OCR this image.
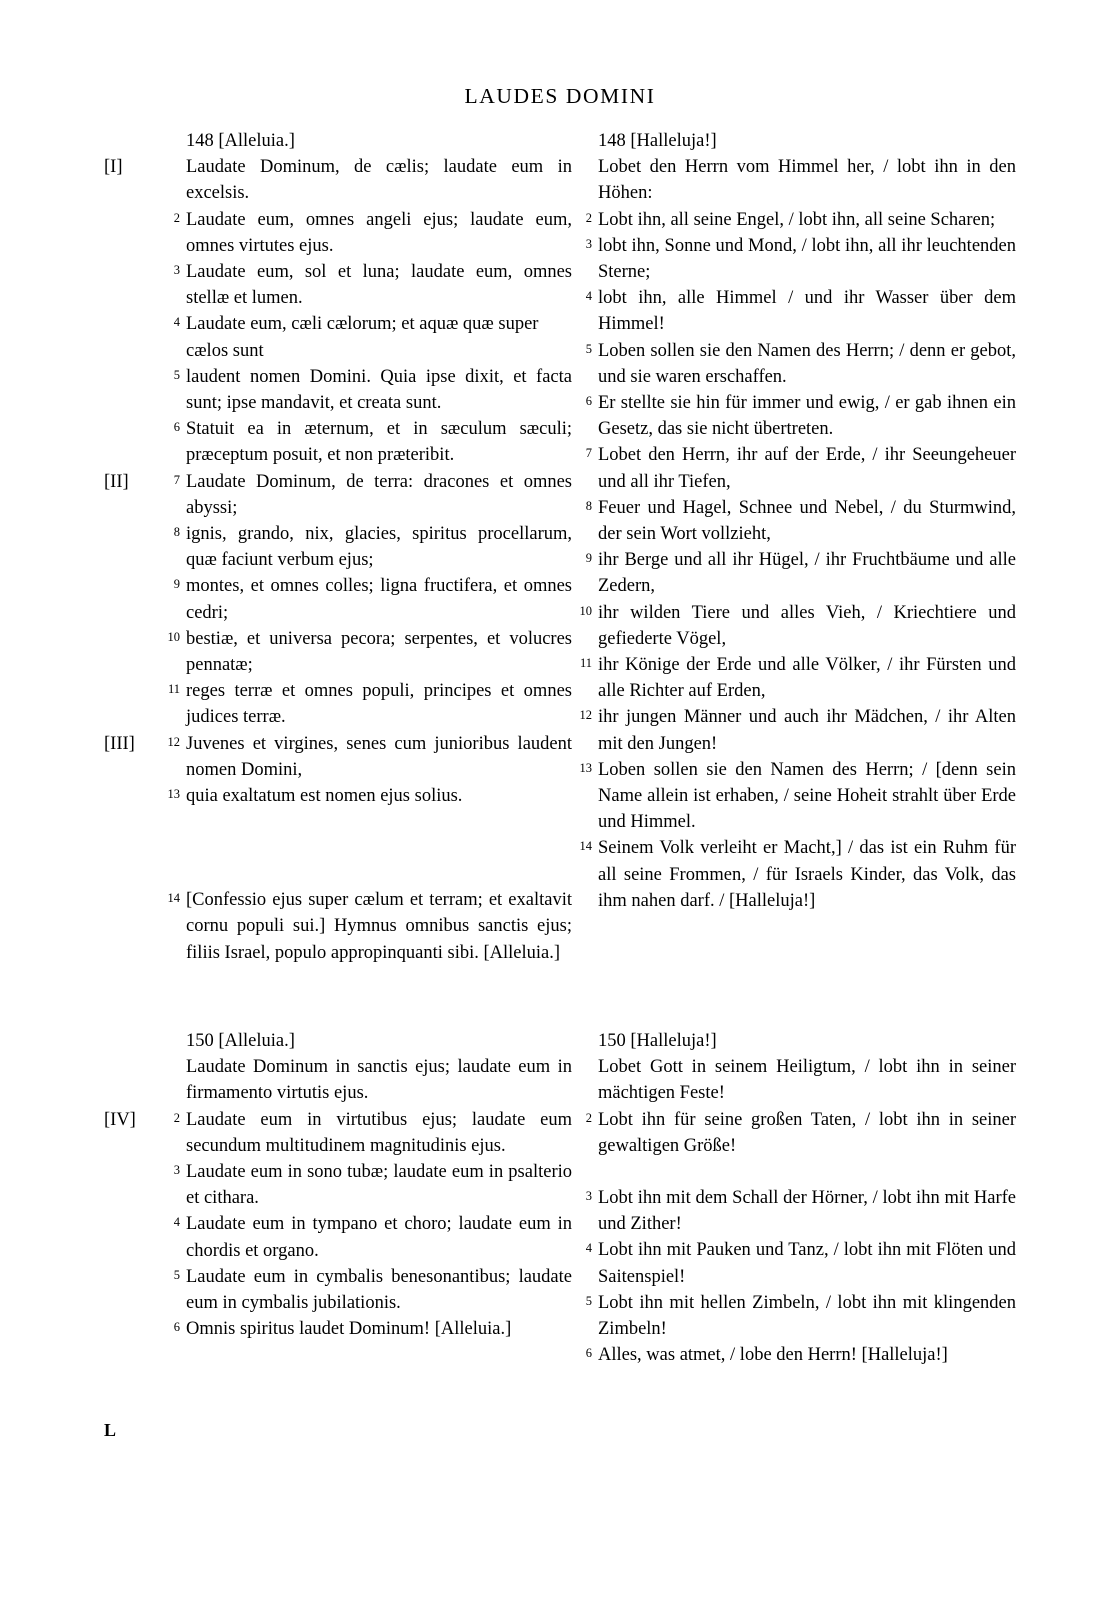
LAUDES DOMINI
148 [Alleluia.]
[I]	Laudate Dominum, de cælis; laudate eum in excelsis.
2 Laudate eum, omnes angeli ejus; laudate eum, omnes virtutes ejus.
3 Laudate eum, sol et luna; laudate eum, omnes stellæ et lumen.
4 Laudate eum, cæli cælorum; et aquæ quæ super cælos sunt
5 laudent nomen Domini. Quia ipse dixit, et facta sunt; ipse mandavit, et creata sunt.
6 Statuit ea in æternum, et in sæculum sæculi; præceptum posuit, et non præteribit.
[II]	7 Laudate Dominum, de terra: dracones et omnes abyssi;
8 ignis, grando, nix, glacies, spiritus procellarum, quæ faciunt verbum ejus;
9 montes, et omnes colles; ligna fructifera, et omnes cedri;
10 bestiæ, et universa pecora; serpentes, et volucres pennatæ;
11 reges terræ et omnes populi, principes et omnes judices terræ.
[III]	12 Juvenes et virgines, senes cum junioribus laudent nomen Domini,
13 quia exaltatum est nomen ejus solius.
14 [Confessio ejus super cælum et terram; et exaltavit cornu populi sui.] Hymnus omnibus sanctis ejus; filiis Israel, populo appropinquanti sibi. [Alleluia.]
148 [Halleluja!]
Lobet den Herrn vom Himmel her, / lobt ihn in den Höhen:
2 Lobt ihn, all seine Engel, / lobt ihn, all seine Scharen;
3 lobt ihn, Sonne und Mond, / lobt ihn, all ihr leuchtenden Sterne;
4 lobt ihn, alle Himmel / und ihr Wasser über dem Himmel!
5 Loben sollen sie den Namen des Herrn; / denn er gebot, und sie waren erschaffen.
6 Er stellte sie hin für immer und ewig, / er gab ihnen ein Gesetz, das sie nicht übertreten.
7 Lobet den Herrn, ihr auf der Erde, / ihr Seeungeheuer und all ihr Tiefen,
8 Feuer und Hagel, Schnee und Nebel, / du Sturmwind, der sein Wort vollzieht,
9 ihr Berge und all ihr Hügel, / ihr Fruchtbäume und alle Zedern,
10 ihr wilden Tiere und alles Vieh, / Kriechtiere und gefiederte Vögel,
11 ihr Könige der Erde und alle Völker, / ihr Fürsten und alle Richter auf Erden,
12 ihr jungen Männer und auch ihr Mädchen, / ihr Alten mit den Jungen!
13 Loben sollen sie den Namen des Herrn; / [denn sein Name allein ist erhaben, / seine Hoheit strahlt über Erde und Himmel.
14 Seinem Volk verleiht er Macht,] / das ist ein Ruhm für all seine Frommen, / für Israels Kinder, das Volk, das ihm nahen darf. / [Halleluja!]
150 [Alleluia.]
Laudate Dominum in sanctis ejus; laudate eum in firmamento virtutis ejus.
[IV]	2 Laudate eum in virtutibus ejus; laudate eum secundum multitudinem magnitudinis ejus.
3 Laudate eum in sono tubæ; laudate eum in psalterio et cithara.
4 Laudate eum in tympano et choro; laudate eum in chordis et organo.
5 Laudate eum in cymbalis benesonantibus; laudate eum in cymbalis jubilationis.
6 Omnis spiritus laudet Dominum! [Alleluia.]
150 [Halleluja!]
Lobet Gott in seinem Heiligtum, / lobt ihn in seiner mächtigen Feste!
2 Lobt ihn für seine großen Taten, / lobt ihn in seiner gewaltigen Größe!
3 Lobt ihn mit dem Schall der Hörner, / lobt ihn mit Harfe und Zither!
4 Lobt ihn mit Pauken und Tanz, / lobt ihn mit Flöten und Saitenspiel!
5 Lobt ihn mit hellen Zimbeln, / lobt ihn mit klingenden Zimbeln!
6 Alles, was atmet, / lobe den Herrn! [Halleluja!]
L
